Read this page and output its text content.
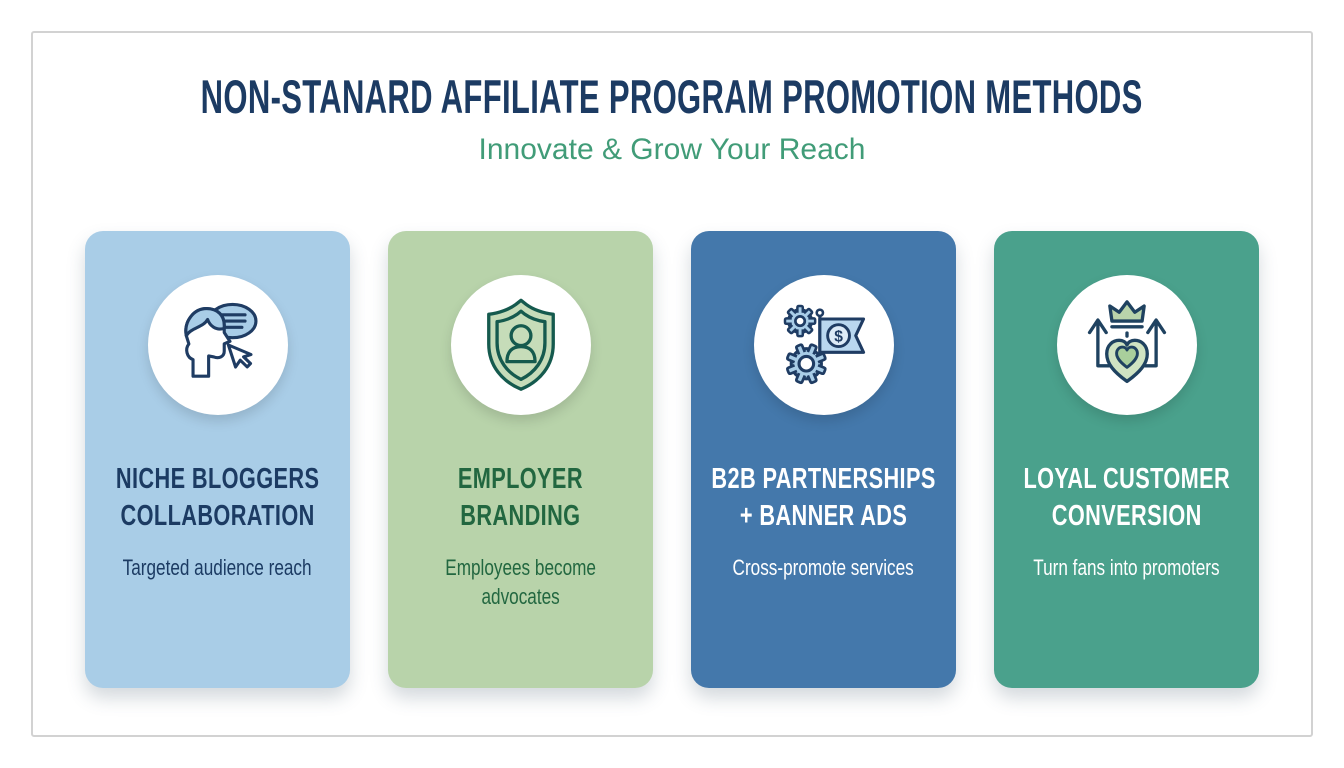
NON-STANARD AFFILIATE PROGRAM PROMOTION METHODS
Innovate & Grow Your Reach
NICHE BLOGGERS
COLLABORATION

Targeted audience reach

EMPLOYER
BRANDING

Employees become
advocates

$
B2B PARTNERSHIPS
+ BANNER ADS

Cross-promote services

LOYAL CUSTOMER
CONVERSION

Turn fans into promoters
